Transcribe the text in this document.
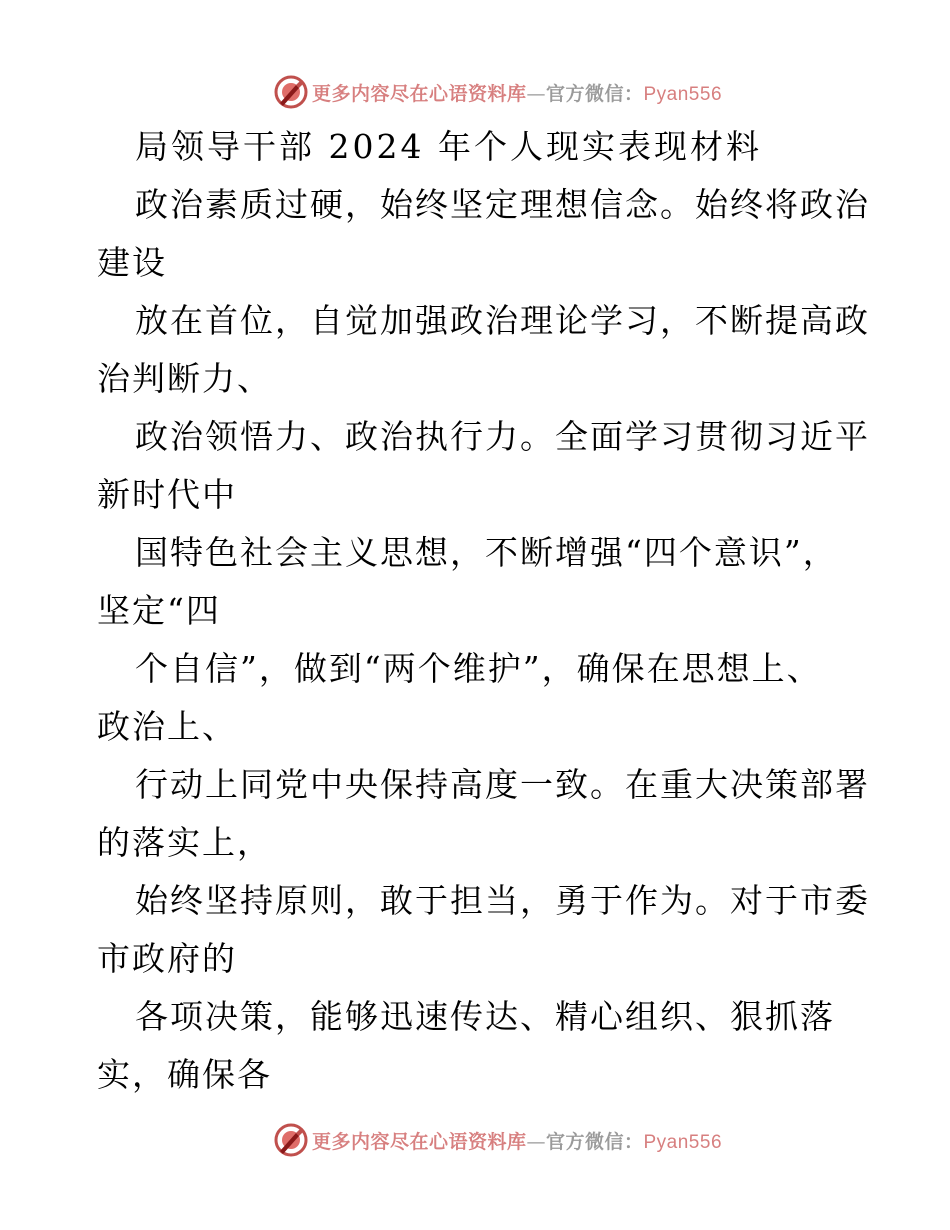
更多内容尽在心语资料库—官方微信：Pyan556
局领导干部 2024 年个人现实表现材料
政治素质过硬，始终坚定理想信念。始终将政治
建设
放在首位，自觉加强政治理论学习，不断提高政
治判断力、
政治领悟力、政治执行力。全面学习贯彻习近平
新时代中
国特色社会主义思想，不断增强“四个意识”，
坚定“四
个自信”，做到“两个维护”，确保在思想上、
政治上、
行动上同党中央保持高度一致。在重大决策部署
的落实上，
始终坚持原则，敢于担当，勇于作为。对于市委
市政府的
各项决策，能够迅速传达、精心组织、狠抓落
实，确保各
更多内容尽在心语资料库—官方微信：Pyan556
